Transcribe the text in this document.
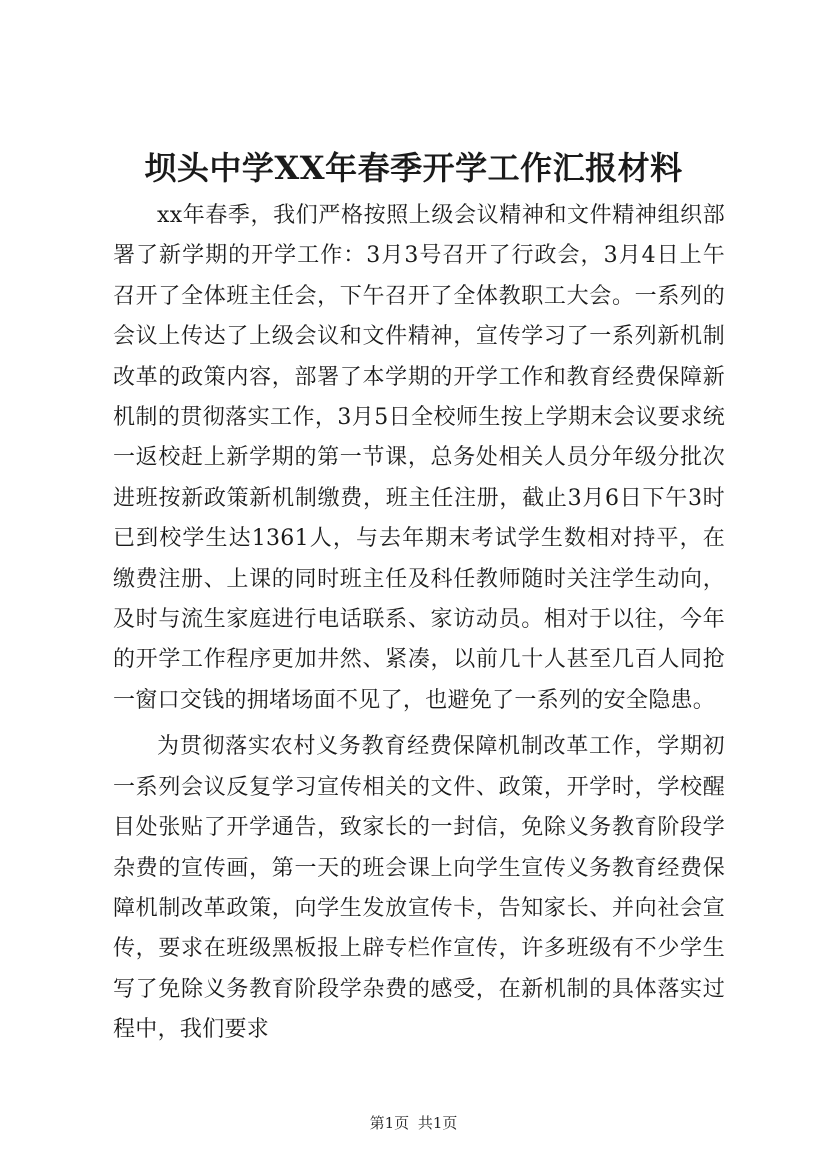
坝头中学XX年春季开学工作汇报材料

xx年春季，我们严格按照上级会议精神和文件精神组织部署了新学期的开学工作：3月3号召开了行政会，3月4日上午召开了全体班主任会，下午召开了全体教职工大会。一系列的会议上传达了上级会议和文件精神，宣传学习了一系列新机制改革的政策内容，部署了本学期的开学工作和教育经费保障新机制的贯彻落实工作，3月5日全校师生按上学期末会议要求统一返校赶上新学期的第一节课，总务处相关人员分年级分批次进班按新政策新机制缴费，班主任注册，截止3月6日下午3时已到校学生达1361人，与去年期末考试学生数相对持平，在缴费注册、上课的同时班主任及科任教师随时关注学生动向，及时与流生家庭进行电话联系、家访动员。相对于以往，今年的开学工作程序更加井然、紧凑，以前几十人甚至几百人同抢一窗口交钱的拥堵场面不见了，也避免了一系列的安全隐患。

为贯彻落实农村义务教育经费保障机制改革工作，学期初一系列会议反复学习宣传相关的文件、政策，开学时，学校醒目处张贴了开学通告，致家长的一封信，免除义务教育阶段学杂费的宣传画，第一天的班会课上向学生宣传义务教育经费保障机制改革政策，向学生发放宣传卡，告知家长、并向社会宣传，要求在班级黑板报上辟专栏作宣传，许多班级有不少学生写了免除义务教育阶段学杂费的感受，在新机制的具体落实过程中，我们要求

第1页 共1页
